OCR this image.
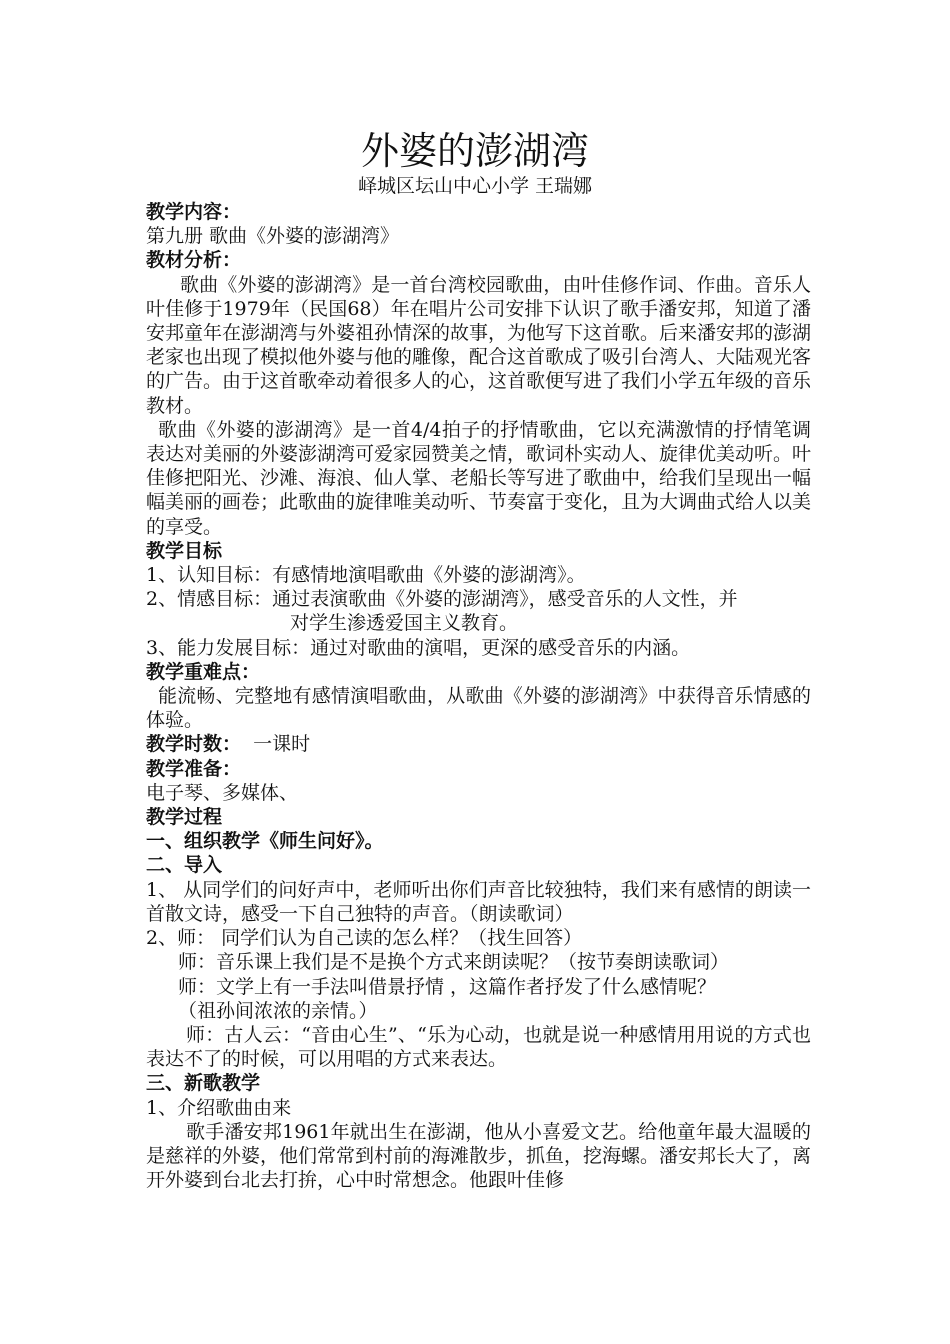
外婆的澎湖湾
峄城区坛山中心小学 王瑞娜

教学内容：

第九册 歌曲《外婆的澎湖湾》

教材分析：

歌曲《外婆的澎湖湾》是一首台湾校园歌曲，由叶佳修作词、作曲。音乐人叶佳修于1979年（民国68）年在唱片公司安排下认识了歌手潘安邦，知道了潘安邦童年在澎湖湾与外婆祖孙情深的故事，为他写下这首歌。后来潘安邦的澎湖老家也出现了模拟他外婆与他的雕像，配合这首歌成了吸引台湾人、大陆观光客的广告。由于这首歌牵动着很多人的心，这首歌便写进了我们小学五年级的音乐教材。

歌曲《外婆的澎湖湾》是一首4/4拍子的抒情歌曲，它以充满激情的抒情笔调表达对美丽的外婆澎湖湾可爱家园赞美之情，歌词朴实动人、旋律优美动听。叶佳修把阳光、沙滩、海浪、仙人掌、老船长等写进了歌曲中，给我们呈现出一幅幅美丽的画卷；此歌曲的旋律唯美动听、节奏富于变化，且为大调曲式给人以美的享受。

教学目标

1、认知目标：有感情地演唱歌曲《外婆的澎湖湾》。

2、情感目标：通过表演歌曲《外婆的澎湖湾》，感受音乐的人文性，并

对学生渗透爱国主义教育。

3、能力发展目标：通过对歌曲的演唱，更深的感受音乐的内涵。

教学重难点：

能流畅、完整地有感情演唱歌曲，从歌曲《外婆的澎湖湾》中获得音乐情感的体验。

教学时数： 一课时

教学准备：

电子琴、多媒体、

教学过程

一、组织教学《师生问好》。

二、导入

1、 从同学们的问好声中，老师听出你们声音比较独特，我们来有感情的朗读一首散文诗，感受一下自己独特的声音。（朗读歌词）

2、师： 同学们认为自己读的怎么样？（找生回答）

师：音乐课上我们是不是换个方式来朗读呢？（按节奏朗读歌词）

师：文学上有一手法叫借景抒情 ，这篇作者抒发了什么感情呢？

（祖孙间浓浓的亲情。）

师：古人云：“音由心生”、“乐为心动，也就是说一种感情用用说的方式也表达不了的时候，可以用唱的方式来表达。

三、新歌教学

1、介绍歌曲由来

歌手潘安邦1961年就出生在澎湖，他从小喜爱文艺。给他童年最大温暖的是慈祥的外婆，他们常常到村前的海滩散步，抓鱼，挖海螺。潘安邦长大了，离开外婆到台北去打拚，心中时常想念。他跟叶佳修
